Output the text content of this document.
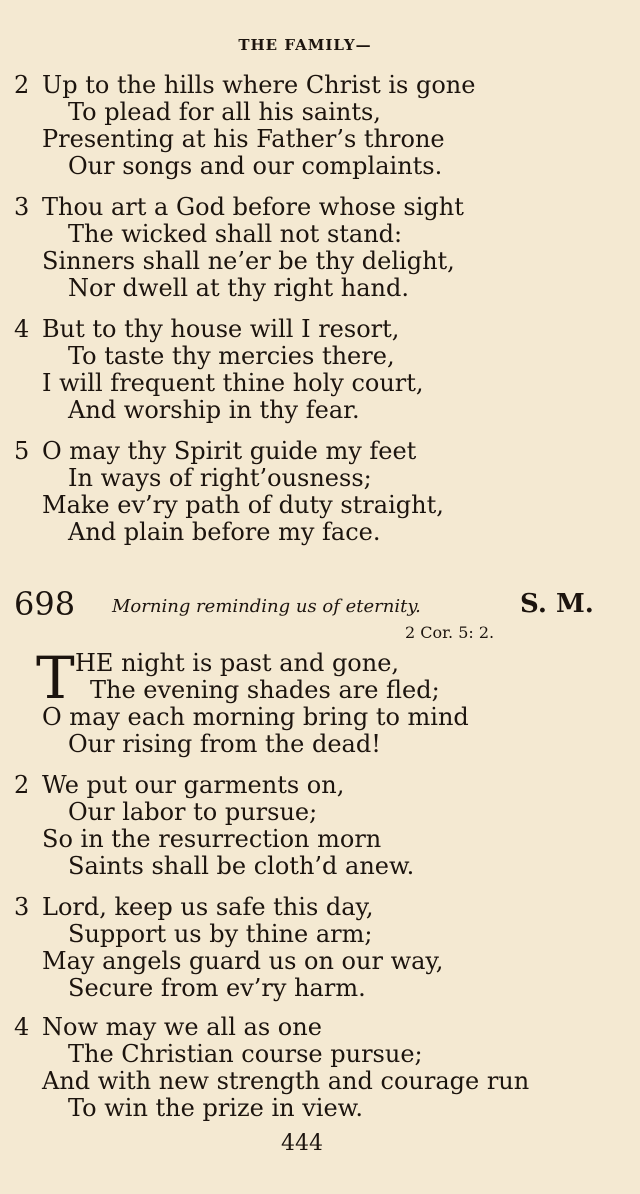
THE FAMILY—
2 Up to the hills where Christ is gone
To plead for all his saints,
Presenting at his Father’s throne
Our songs and our complaints.
3 Thou art a God before whose sight
The wicked shall not stand:
Sinners shall ne’er be thy delight,
Nor dwell at thy right hand.
4 But to thy house will I resort,
To taste thy mercies there,
I will frequent thine holy court,
And worship in thy fear.
5 O may thy Spirit guide my feet
In ways of right’ousness;
Make ev’ry path of duty straight,
And plain before my face.
698 Morning reminding us of eternity.	S. M.
2 Cor. 5: 2.
T HE night is past and gone,
The evening shades are fled;
O may each morning bring to mind
Our rising from the dead!
2 We put our garments on,
Our labor to pursue;
So in the resurrection morn
Saints shall be cloth’d anew.
3 Lord, keep us safe this day,
Support us by thine arm;
May angels guard us on our way,
Secure from ev’ry harm.
4 Now may we all as one
The Christian course pursue;
And with new strength and courage run
To win the prize in view.
444
